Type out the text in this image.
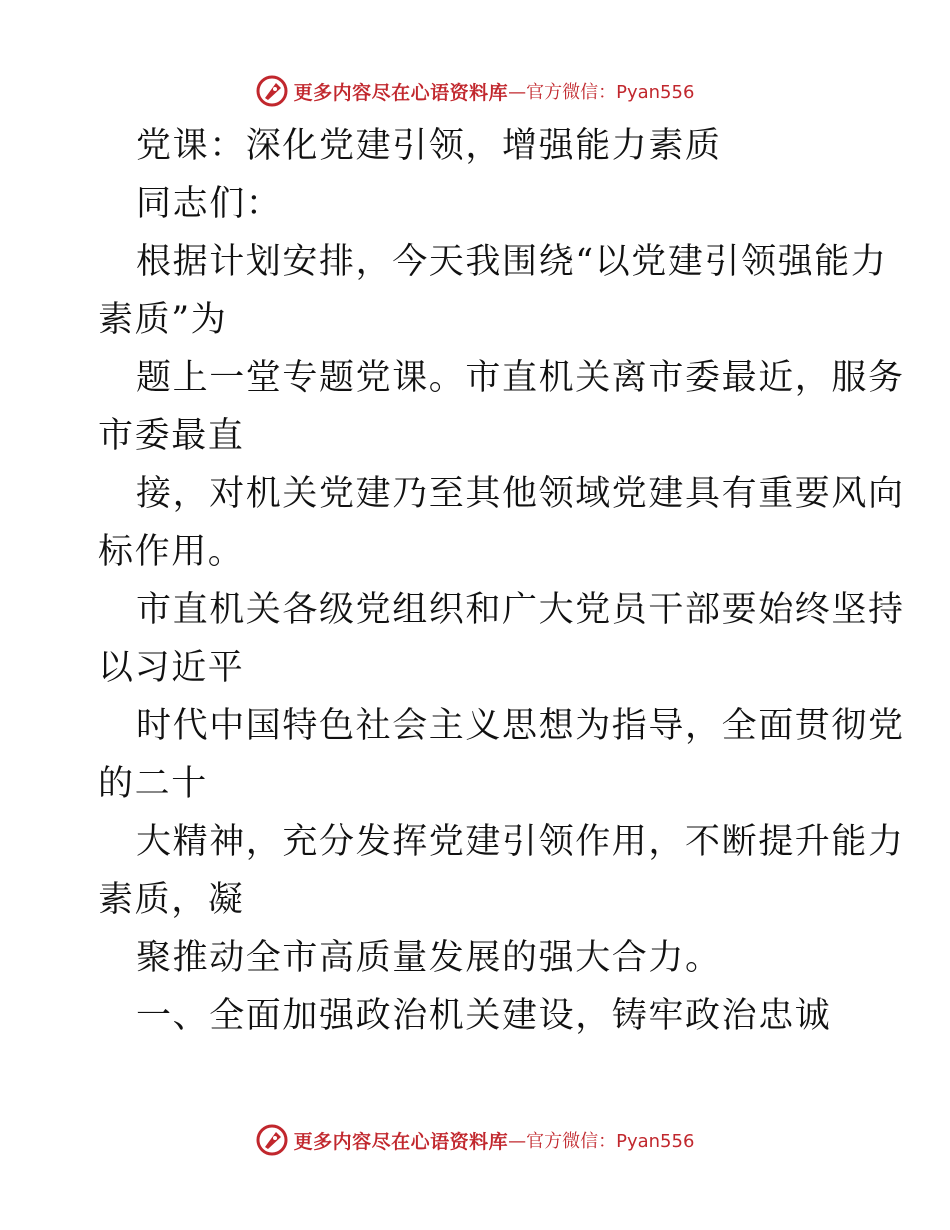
更多内容尽在心语资料库 —官方微信：Pyan556
党课：深化党建引领，增强能力素质
同志们：
根据计划安排，今天我围绕“以党建引领强能力
素质”为
题上一堂专题党课。市直机关离市委最近，服务
市委最直
接，对机关党建乃至其他领域党建具有重要风向
标作用。
市直机关各级党组织和广大党员干部要始终坚持
以习近平
时代中国特色社会主义思想为指导，全面贯彻党
的二十
大精神，充分发挥党建引领作用，不断提升能力
素质，凝
聚推动全市高质量发展的强大合力。
一、全面加强政治机关建设，铸牢政治忠诚
更多内容尽在心语资料库 —官方微信：Pyan556
